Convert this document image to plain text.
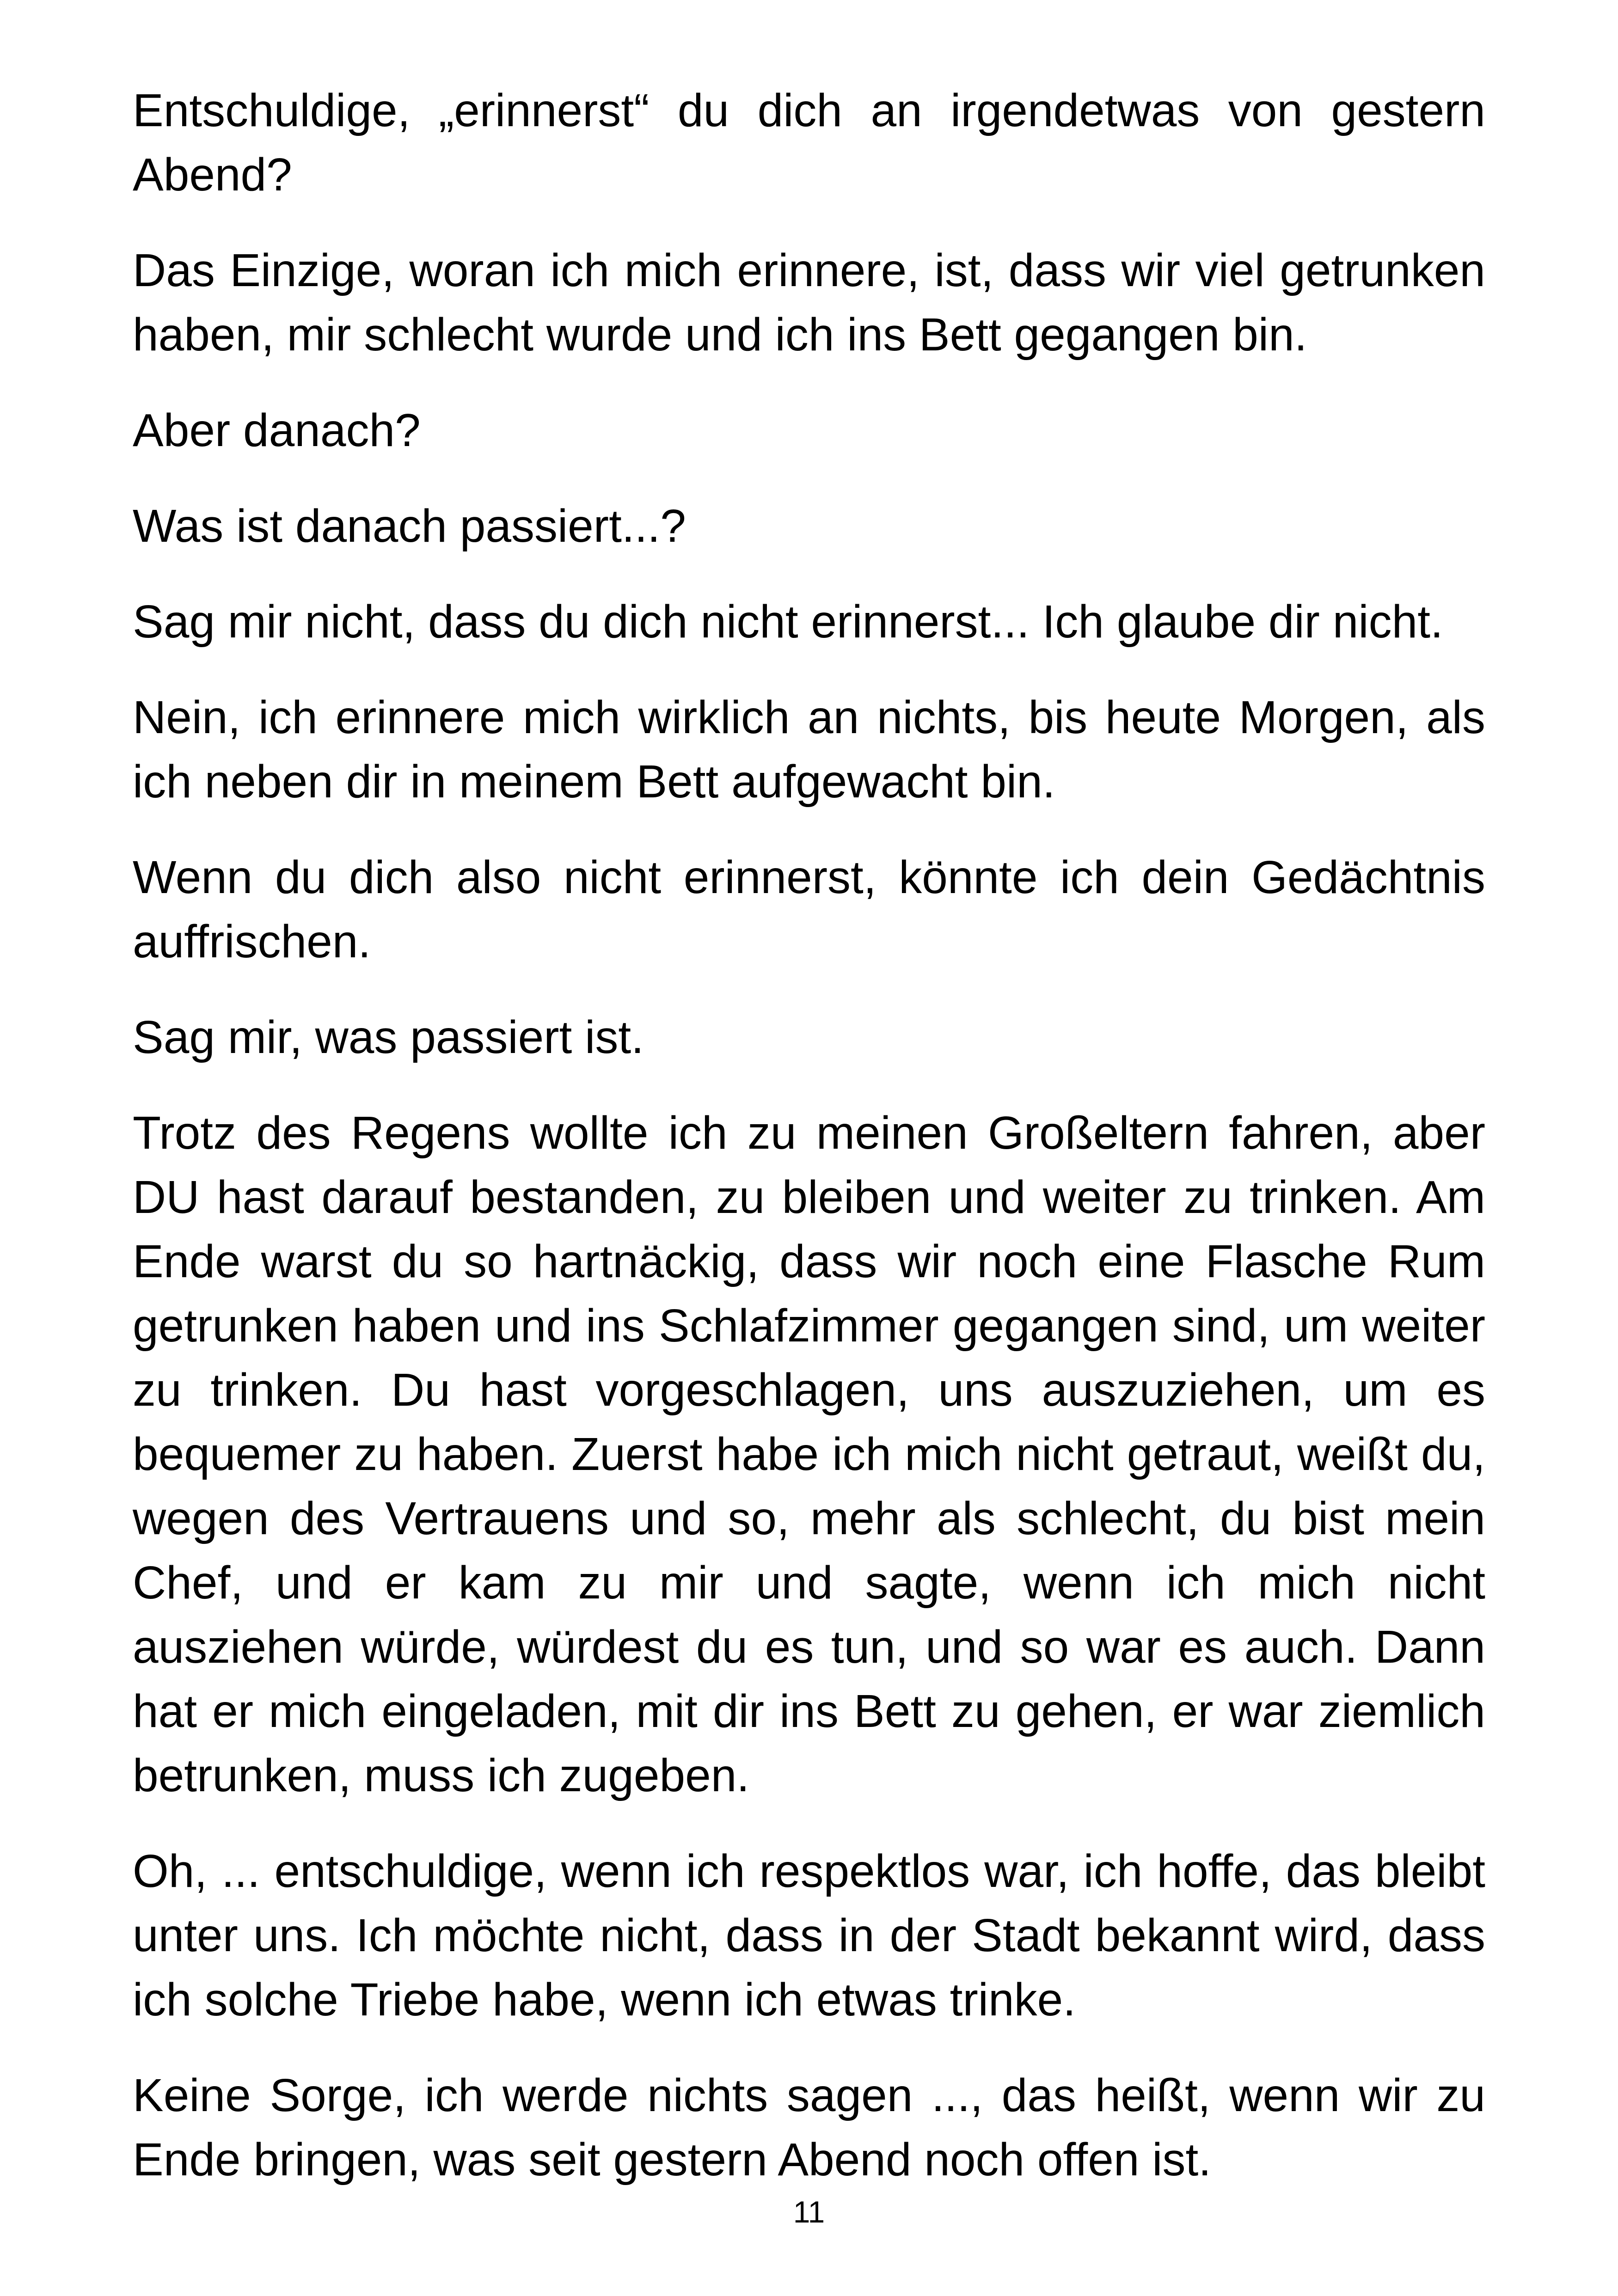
Entschuldige, „erinnerst“ du dich an irgendetwas von gestern Abend?

Das Einzige, woran ich mich erinnere, ist, dass wir viel getrunken haben, mir schlecht wurde und ich ins Bett gegangen bin.

Aber danach?

Was ist danach passiert...?

Sag mir nicht, dass du dich nicht erinnerst... Ich glaube dir nicht.

Nein, ich erinnere mich wirklich an nichts, bis heute Morgen, als ich neben dir in meinem Bett aufgewacht bin.

Wenn du dich also nicht erinnerst, könnte ich dein Gedächtnis auffrischen.

Sag mir, was passiert ist.

Trotz des Regens wollte ich zu meinen Großeltern fahren, aber DU hast darauf bestanden, zu bleiben und weiter zu trinken. Am Ende warst du so hartnäckig, dass wir noch eine Flasche Rum getrunken haben und ins Schlafzimmer gegangen sind, um weiter zu trinken. Du hast vorgeschlagen, uns auszuziehen, um es bequemer zu haben. Zuerst habe ich mich nicht getraut, weißt du, wegen des Vertrauens und so, mehr als schlecht, du bist mein Chef, und er kam zu mir und sagte, wenn ich mich nicht ausziehen würde, würdest du es tun, und so war es auch. Dann hat er mich eingeladen, mit dir ins Bett zu gehen, er war ziemlich betrunken, muss ich zugeben.

Oh, ... entschuldige, wenn ich respektlos war, ich hoffe, das bleibt unter uns. Ich möchte nicht, dass in der Stadt bekannt wird, dass ich solche Triebe habe, wenn ich etwas trinke.

Keine Sorge, ich werde nichts sagen ..., das heißt, wenn wir zu Ende bringen, was seit gestern Abend noch offen ist.

11
